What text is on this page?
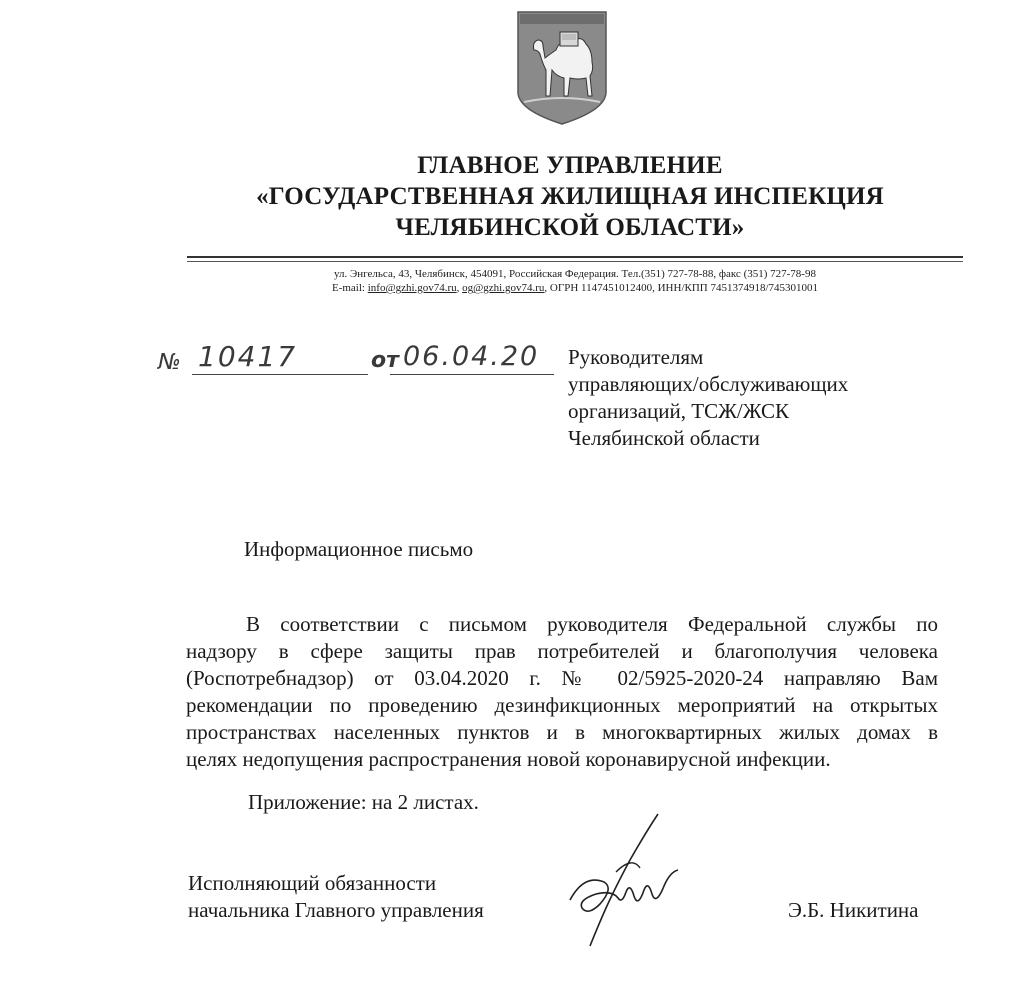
ГЛАВНОЕ УПРАВЛЕНИЕ
«ГОСУДАРСТВЕННАЯ ЖИЛИЩНАЯ ИНСПЕКЦИЯ
ЧЕЛЯБИНСКОЙ ОБЛАСТИ»
ул. Энгельса, 43, Челябинск, 454091, Российская Федерация. Тел.(351) 727-78-88, факс (351) 727-78-98
E-mail: info@gzhi.gov74.ru, og@gzhi.gov74.ru, ОГРН 1147451012400, ИНН/КПП 7451374918/745301001
№ 10417	от 06.04.20 Руководителям
управляющих/обслуживающих
организаций, ТСЖ/ЖСК
Челябинской области
Информационное письмо
В соответствии с письмом руководителя Федеральной службы по
надзору в сфере защиты прав потребителей и благополучия человека
(Роспотребнадзор) от 03.04.2020 г. № 02/5925-2020-24 направляю Вам
рекомендации по проведению дезинфикционных мероприятий на открытых
пространствах населенных пунктов и в многоквартирных жилых домах в
целях недопущения распространения новой коронавирусной инфекции.
Приложение: на 2 листах.
Исполняющий обязанности
начальника Главного управления	Э.Б. Никитина
